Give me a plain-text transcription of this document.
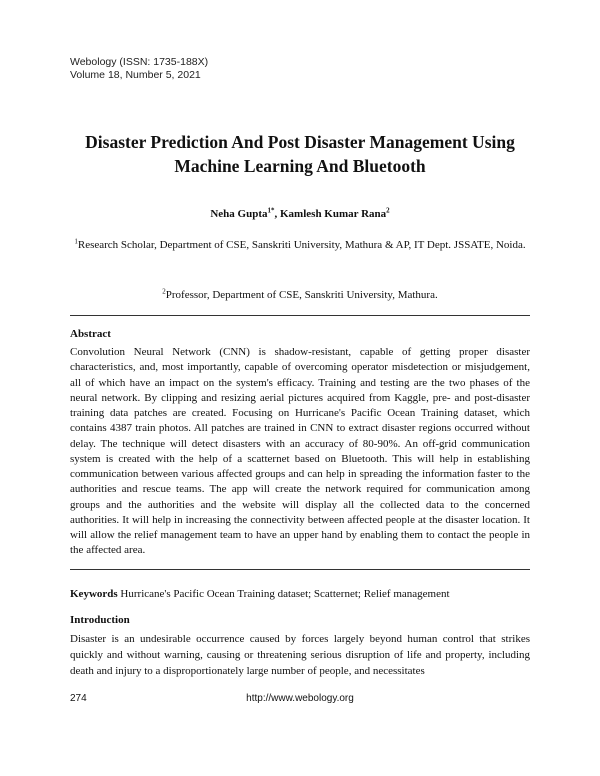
Webology (ISSN: 1735-188X)
Volume 18, Number 5, 2021
Disaster Prediction And Post Disaster Management Using
Machine Learning And Bluetooth
Neha Gupta$^{1*}$, Kamlesh Kumar Rana$^2$
$^1$Research Scholar, Department of CSE, Sanskriti University, Mathura & AP, IT Dept. JSSATE, Noida.
$^2$Professor, Department of CSE, Sanskriti University, Mathura.
Abstract
Convolution Neural Network (CNN) is shadow-resistant, capable of getting proper disaster characteristics, and, most importantly, capable of overcoming operator misdetection or misjudgement, all of which have an impact on the system's efficacy. Training and testing are the two phases of the neural network. By clipping and resizing aerial pictures acquired from Kaggle, pre- and post-disaster training data patches are created. Focusing on Hurricane's Pacific Ocean Training dataset, which contains 4387 train photos. All patches are trained in CNN to extract disaster regions occurred without delay. The technique will detect disasters with an accuracy of 80-90%. An off-grid communication system is created with the help of a scatternet based on Bluetooth. This will help in establishing communication between various affected groups and can help in spreading the information faster to the authorities and rescue teams. The app will create the network required for communication among groups and the authorities and the website will display all the collected data to the concerned authorities. It will help in increasing the connectivity between affected people at the disaster location. It will allow the relief management team to have an upper hand by enabling them to contact the people in the affected area.
Keywords Hurricane's Pacific Ocean Training dataset; Scatternet; Relief management
Introduction
Disaster is an undesirable occurrence caused by forces largely beyond human control that strikes quickly and without warning, causing or threatening serious disruption of life and property, including death and injury to a disproportionately large number of people, and necessitates
274	http://www.webology.org
